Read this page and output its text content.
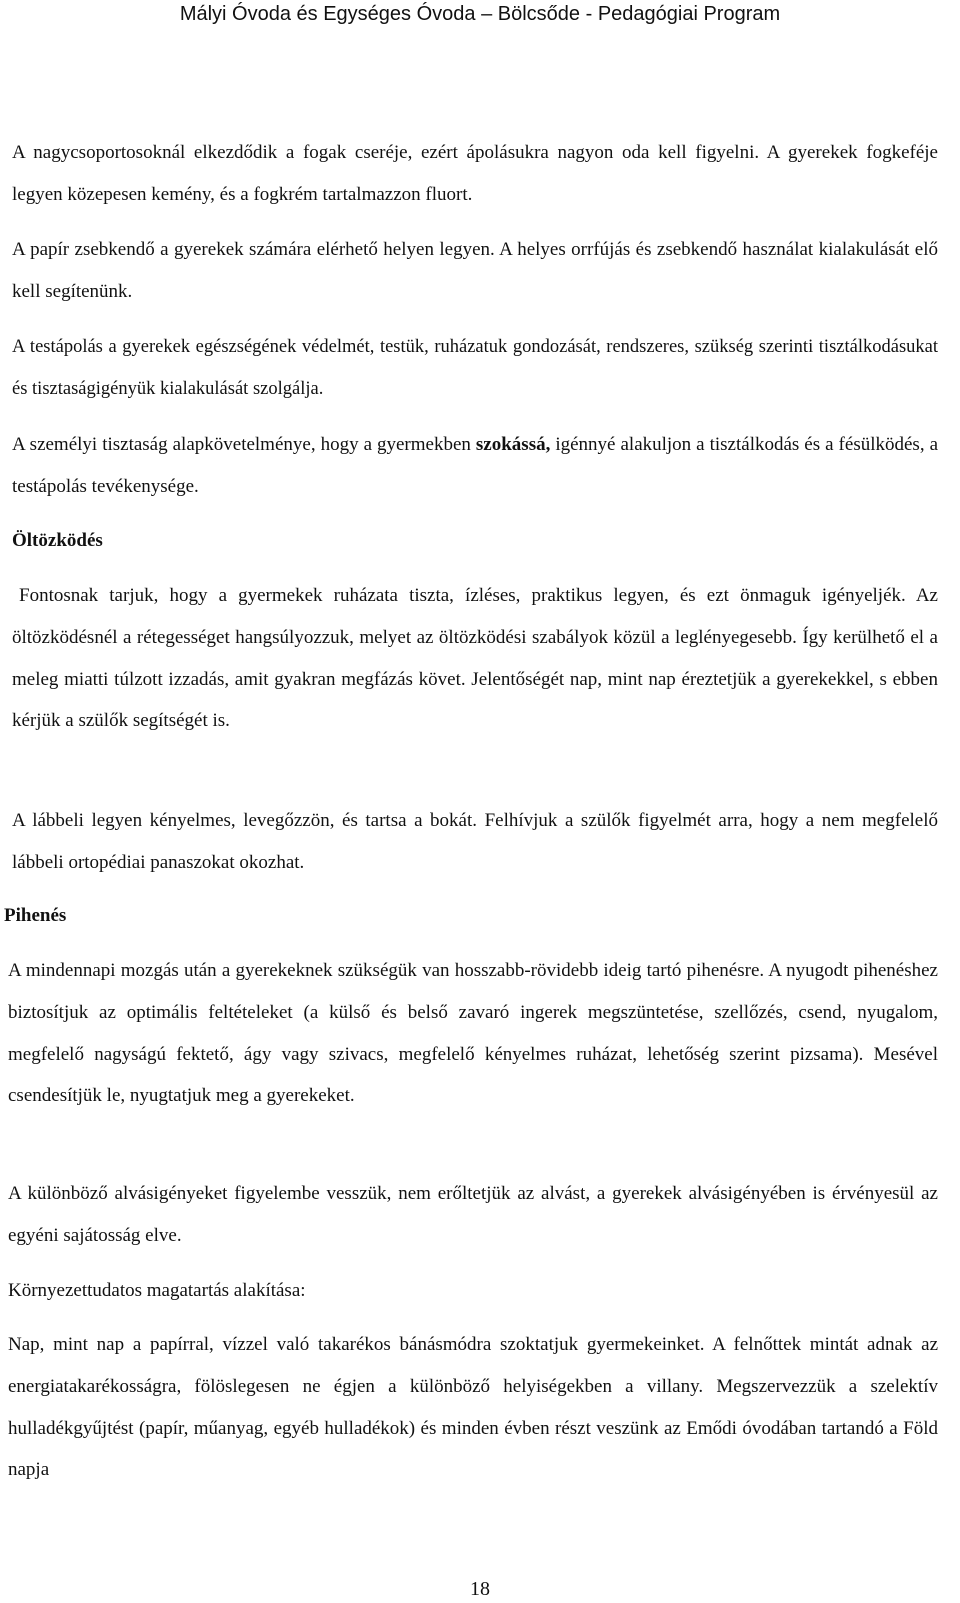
Mályi Óvoda és Egységes Óvoda – Bölcsőde - Pedagógiai Program
A nagycsoportosoknál elkezdődik a fogak cseréje, ezért ápolásukra nagyon oda kell figyelni. A gyerekek fogkeféje legyen közepesen kemény, és a fogkrém tartalmazzon fluort.
A papír zsebkendő a gyerekek számára elérhető helyen legyen. A helyes orrfújás és zsebkendő használat kialakulását elő kell segítenünk.
A testápolás a gyerekek egészségének védelmét, testük, ruházatuk gondozását, rendszeres, szükség szerinti tisztálkodásukat és tisztaságigényük kialakulását szolgálja.
A személyi tisztaság alapkövetelménye, hogy a gyermekben szokássá, igénnyé alakuljon a tisztálkodás és a fésülködés, a testápolás tevékenysége.
Öltözködés
Fontosnak tarjuk, hogy a gyermekek ruházata tiszta, ízléses, praktikus legyen, és ezt önmaguk igényeljék. Az öltözködésnél a rétegességet hangsúlyozzuk, melyet az öltözködési szabályok közül a leglényegesebb. Így kerülhető el a meleg miatti túlzott izzadás, amit gyakran megfázás követ. Jelentőségét nap, mint nap éreztetjük a gyerekekkel, s ebben kérjük a szülők segítségét is.
A lábbeli legyen kényelmes, levegőzzön, és tartsa a bokát. Felhívjuk a szülők figyelmét arra, hogy a nem megfelelő lábbeli ortopédiai panaszokat okozhat.
Pihenés
A mindennapi mozgás után a gyerekeknek szükségük van hosszabb-rövidebb ideig tartó pihenésre. A nyugodt pihenéshez biztosítjuk az optimális feltételeket (a külső és belső zavaró ingerek megszüntetése, szellőzés, csend, nyugalom, megfelelő nagyságú fektető, ágy vagy szivacs, megfelelő kényelmes ruházat, lehetőség szerint pizsama). Mesével csendesítjük le, nyugtatjuk meg a gyerekeket.
A különböző alvásigényeket figyelembe vesszük, nem erőltetjük az alvást, a gyerekek alvásigényében is érvényesül az egyéni sajátosság elve.
Környezettudatos magatartás alakítása:
Nap, mint nap a papírral, vízzel való takarékos bánásmódra szoktatjuk gyermekeinket. A felnőttek mintát adnak az energiatakarékosságra, fölöslegesen ne égjen a különböző helyiségekben a villany. Megszervezzük a szelektív hulladékgyűjtést (papír, műanyag, egyéb hulladékok) és minden évben részt veszünk az Emődi óvodában tartandó a Föld napja
18
